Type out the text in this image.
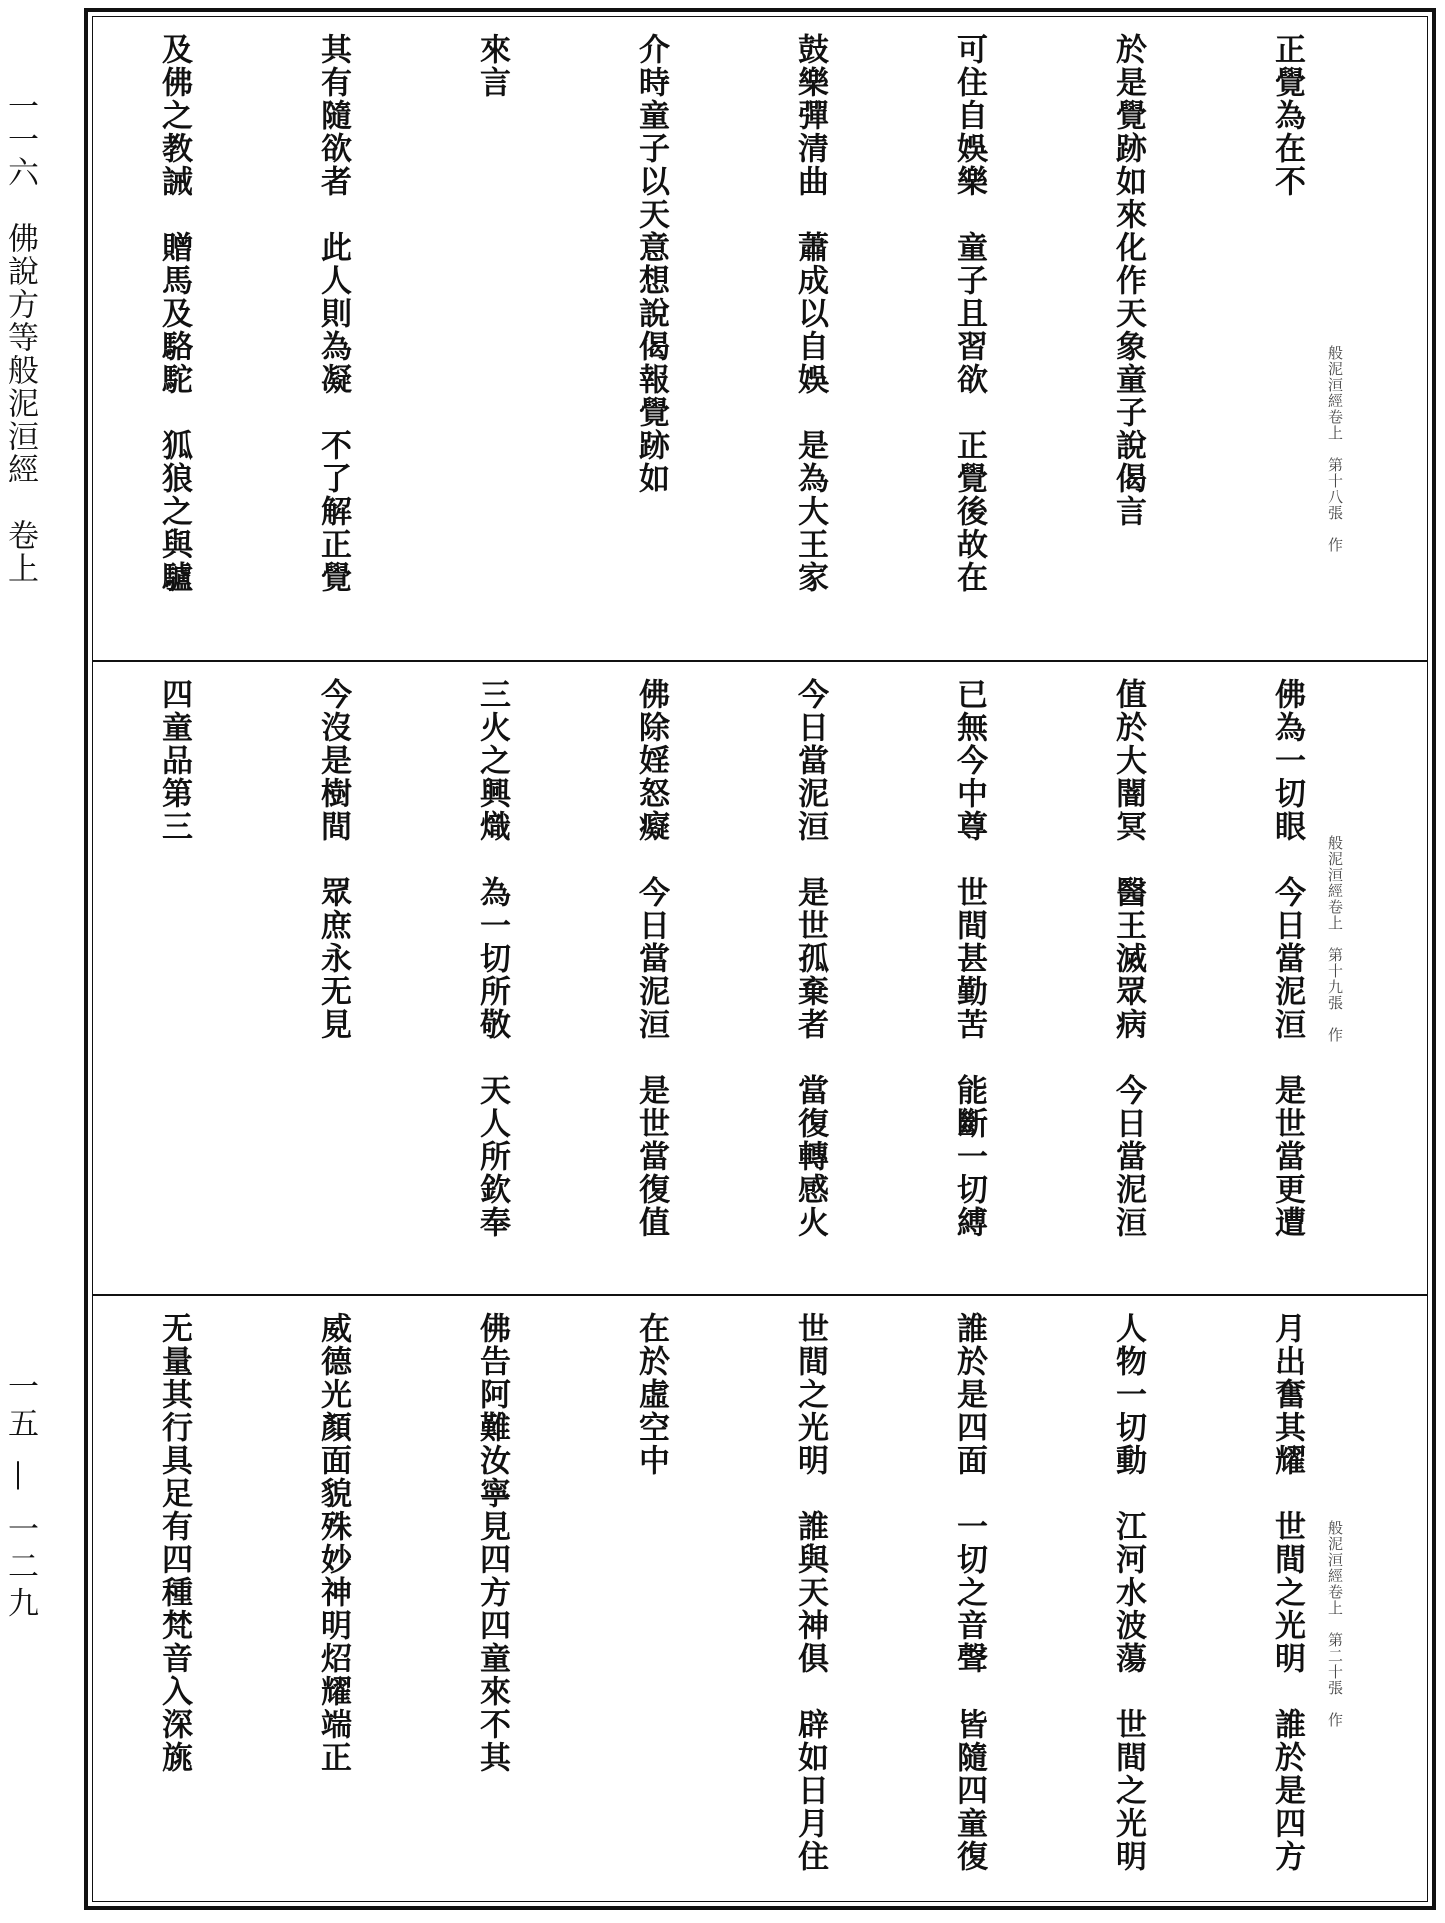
一一六　佛說方等般泥洹經　卷上
一五 — 一二九

正覺為在不

於是覺跡如來化作天象童子說偈言

可住自娛樂　童子且習欲　正覺後故在

鼓樂彈清曲　蕭成以自娛　是為大王家

介時童子以天意想說偈報覺跡如

來言

其有隨欲者　此人則為凝　不了解正覺

及佛之教誡　贈馬及駱駝　狐狼之與驢

佛為一切眼　今日當泥洹　是世當更遭

值於大闇冥　醫王滅眾病　今日當泥洹

已無今中尊　世間甚勤苦　能斷一切縛

今日當泥洹　是世孤棄者　當復轉感火

佛除婬怒癡　今日當泥洹　是世當復值

三火之興熾　為一切所敬　天人所欽奉

今沒是樹間　眾庶永无見

四童品第三

月出奮其耀　世間之光明　誰於是四方

人物一切動　江河水波蕩　世間之光明

誰於是四面　一切之音聲　皆隨四童復

世間之光明　誰與天神俱　辟如日月住

在於虛空中

佛告阿難汝寧見四方四童來不其

威德光顏面貌殊妙神明炤耀端正

无量其行具足有四種梵音入深旐

般泥洹經卷上　第十八張　作
般泥洹經卷上　第十九張　作
般泥洹經卷上　第二十張　作
